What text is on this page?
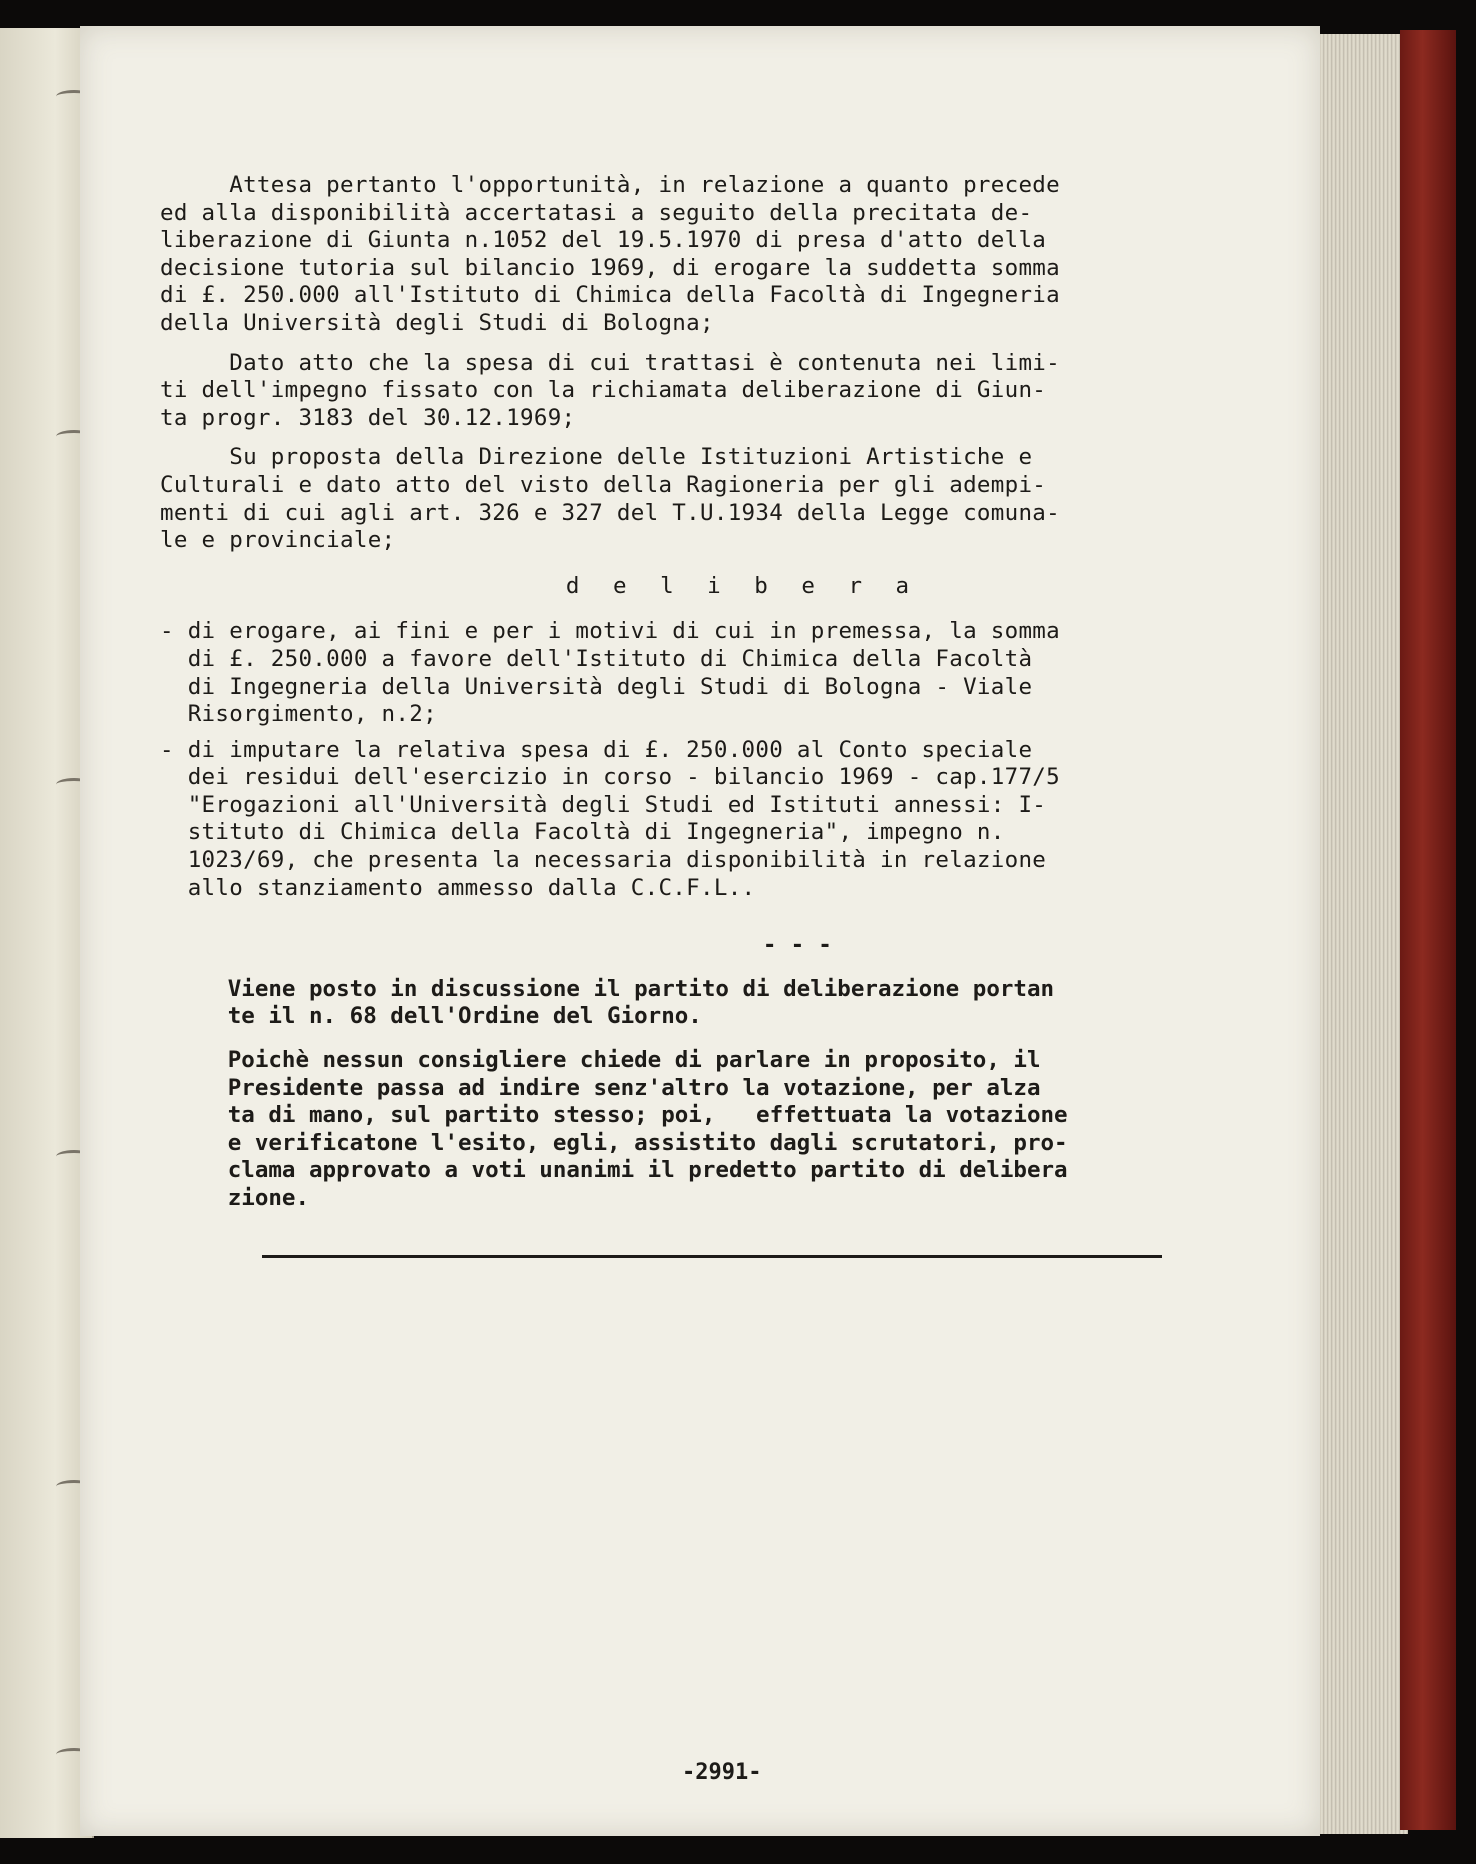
Attesa pertanto l'opportunità, in relazione a quanto precede
ed alla disponibilità accertatasi a seguito della precitata de-
liberazione di Giunta n.1052 del 19.5.1970 di presa d'atto della
decisione tutoria sul bilancio 1969, di erogare la suddetta somma
di £. 250.000 all'Istituto di Chimica della Facoltà di Ingegneria
della Università degli Studi di Bologna;
Dato atto che la spesa di cui trattasi è contenuta nei limi-
ti dell'impegno fissato con la richiamata deliberazione di Giun-
ta progr. 3183 del 30.12.1969;
Su proposta della Direzione delle Istituzioni Artistiche e
Culturali e dato atto del visto della Ragioneria per gli adempi-
menti di cui agli art. 326 e 327 del T.U.1934 della Legge comuna-
le e provinciale;
d e l i b e r a
- di erogare, ai fini e per i motivi di cui in premessa, la somma
di £. 250.000 a favore dell'Istituto di Chimica della Facoltà
di Ingegneria della Università degli Studi di Bologna - Viale
Risorgimento, n.2;
- di imputare la relativa spesa di £. 250.000 al Conto speciale
dei residui dell'esercizio in corso - bilancio 1969 - cap.177/5
"Erogazioni all'Università degli Studi ed Istituti annessi: I-
stituto di Chimica della Facoltà di Ingegneria", impegno n.
1023/69, che presenta la necessaria disponibilità in relazione
allo stanziamento ammesso dalla C.C.F.L..
- - -
Viene posto in discussione il partito di deliberazione portan
te il n. 68 dell'Ordine del Giorno.
Poichè nessun consigliere chiede di parlare in proposito, il
Presidente passa ad indire senz'altro la votazione, per alza
ta di mano, sul partito stesso; poi,   effettuata la votazione
e verificatone l'esito, egli, assistito dagli scrutatori, pro-
clama approvato a voti unanimi il predetto partito di delibera
zione.
-2991-
